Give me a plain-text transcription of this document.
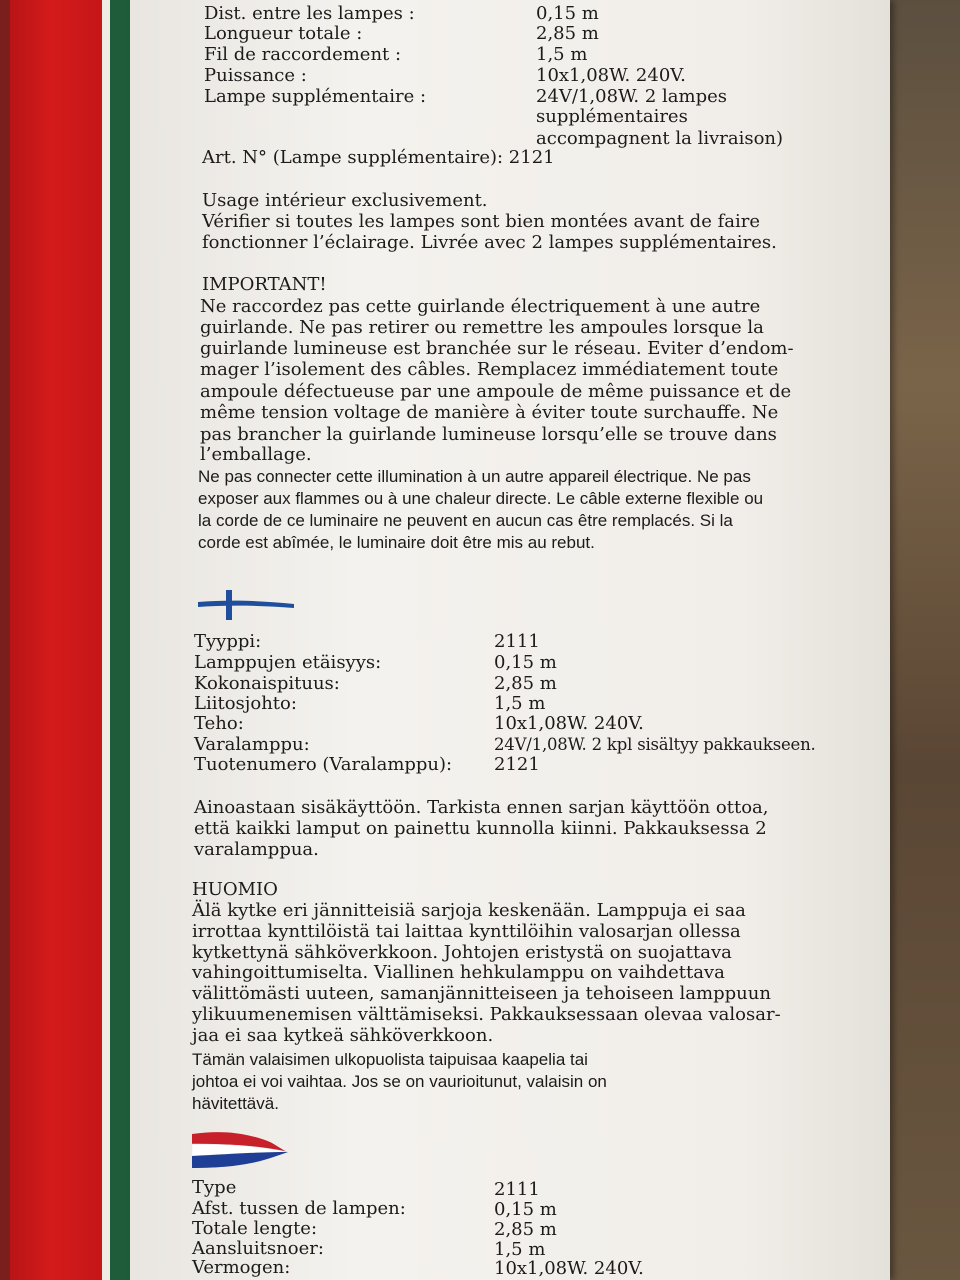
Dist. entre les lampes :	0,15 m
Longueur totale :	2,85 m
Fil de raccordement :	1,5 m
Puissance :	10x1,08W. 240V.
Lampe supplémentaire :	24V/1,08W. 2 lampes
supplémentaires
accompagnent la livraison)
Art. N° (Lampe supplémentaire): 2121
Usage intérieur exclusivement.
Vérifier si toutes les lampes sont bien montées avant de faire
fonctionner l’éclairage. Livrée avec 2 lampes supplémentaires.
IMPORTANT!
Ne raccordez pas cette guirlande électriquement à une autre
guirlande. Ne pas retirer ou remettre les ampoules lorsque la
guirlande lumineuse est branchée sur le réseau. Eviter d’endom-
mager l’isolement des câbles. Remplacez immédiatement toute
ampoule défectueuse par une ampoule de même puissance et de
même tension voltage de manière à éviter toute surchauffe. Ne
pas brancher la guirlande lumineuse lorsqu’elle se trouve dans
l’emballage.
Ne pas connecter cette illumination à un autre appareil électrique. Ne pas
exposer aux flammes ou à une chaleur directe. Le câble externe flexible ou
la corde de ce luminaire ne peuvent en aucun cas être remplacés. Si la
corde est abîmée, le luminaire doit être mis au rebut.
Tyyppi:	2111
Lamppujen etäisyys:	0,15 m
Kokonaispituus:	2,85 m
Liitosjohto:	1,5 m
Teho:	10x1,08W. 240V.
Varalamppu:	24V/1,08W. 2 kpl sisältyy pakkaukseen.
Tuotenumero (Varalamppu): 2121
Ainoastaan sisäkäyttöön. Tarkista ennen sarjan käyttöön ottoa,
että kaikki lamput on painettu kunnolla kiinni. Pakkauksessa 2
varalamppua.
HUOMIO
Älä kytke eri jännitteisiä sarjoja keskenään. Lamppuja ei saa
irrottaa kynttilöistä tai laittaa kynttilöihin valosarjan ollessa
kytkettynä sähköverkkoon. Johtojen eristystä on suojattava
vahingoittumiselta. Viallinen hehkulamppu on vaihdettava
välittömästi uuteen, samanjännitteiseen ja tehoiseen lamppuun
ylikuumenemisen välttämiseksi. Pakkauksessaan olevaa valosar-
jaa ei saa kytkeä sähköverkkoon.
Tämän valaisimen ulkopuolista taipuisaa kaapelia tai
johtoa ei voi vaihtaa. Jos se on vaurioitunut, valaisin on
hävitettävä.
Type	2111
Afst. tussen de lampen:	0,15 m
Totale lengte:	2,85 m
Aansluitsnoer:	1,5 m
Vermogen:	10x1,08W. 240V.
